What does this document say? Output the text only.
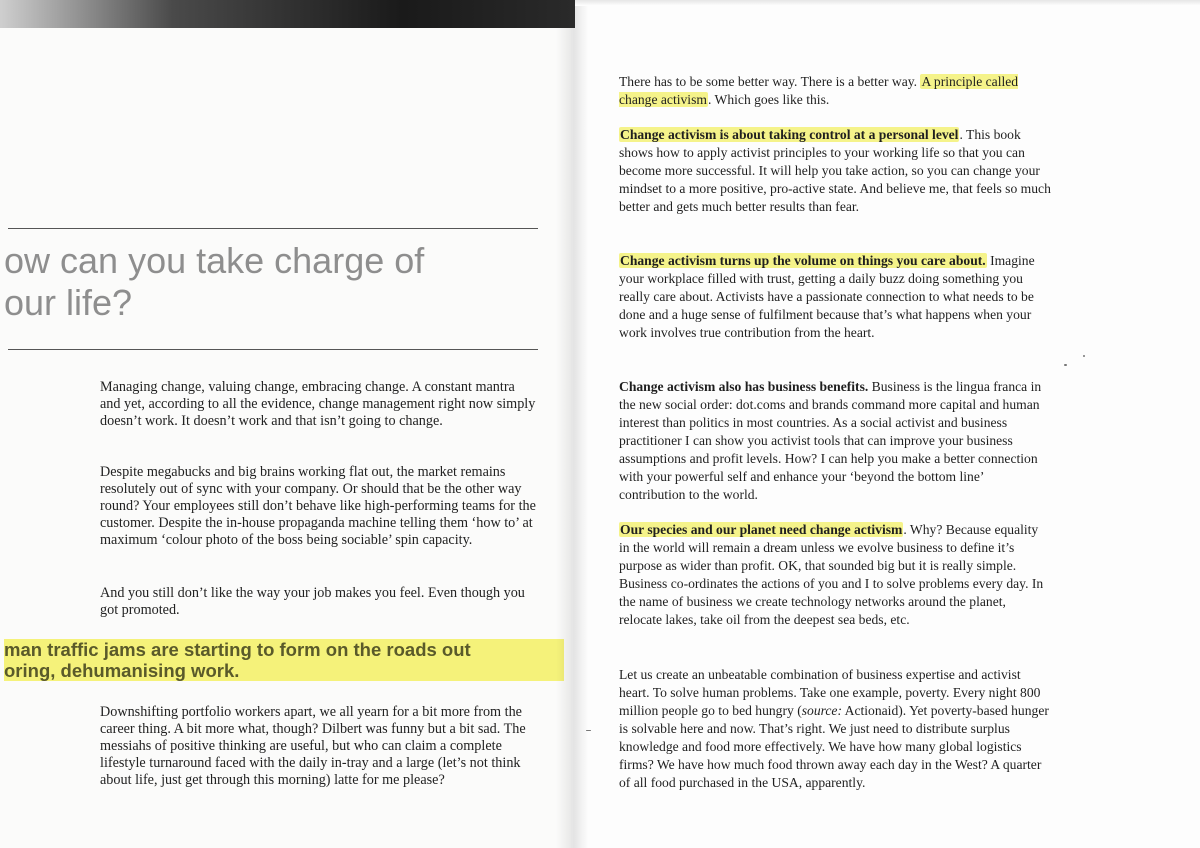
ow can you take charge of
our life?

Managing change, valuing change, embracing change. A constant mantra and yet, according to all the evidence, change management right now simply doesn’t work. It doesn’t work and that isn’t going to change.

Despite megabucks and big brains working flat out, the market remains resolutely out of sync with your company. Or should that be the other way round? Your employees still don’t behave like high-performing teams for the customer. Despite the in-house propaganda machine telling them ‘how to’ at maximum ‘colour photo of the boss being sociable’ spin capacity.

And you still don’t like the way your job makes you feel. Even though you got promoted.

man traffic jams are starting to form on the roads out
oring, dehumanising work.

Downshifting portfolio workers apart, we all yearn for a bit more from the career thing. A bit more what, though? Dilbert was funny but a bit sad. The messiahs of positive thinking are useful, but who can claim a complete lifestyle turnaround faced with the daily in-tray and a large (let’s not think about life, just get through this morning) latte for me please?

There has to be some better way. There is a better way. A principle called change activism. Which goes like this.

Change activism is about taking control at a personal level. This book shows how to apply activist principles to your working life so that you can become more successful. It will help you take action, so you can change your mindset to a more positive, pro-active state. And believe me, that feels so much better and gets much better results than fear.

Change activism turns up the volume on things you care about. Imagine your workplace filled with trust, getting a daily buzz doing something you really care about. Activists have a passionate connection to what needs to be done and a huge sense of fulfilment because that’s what happens when your work involves true contribution from the heart.

Change activism also has business benefits. Business is the lingua franca in the new social order: dot.coms and brands command more capital and human interest than politics in most countries. As a social activist and business practitioner I can show you activist tools that can improve your business assumptions and profit levels. How? I can help you make a better connection with your powerful self and enhance your ‘beyond the bottom line’ contribution to the world.

Our species and our planet need change activism. Why? Because equality in the world will remain a dream unless we evolve business to define it’s purpose as wider than profit. OK, that sounded big but it is really simple. Business co-ordinates the actions of you and I to solve problems every day. In the name of business we create technology networks around the planet, relocate lakes, take oil from the deepest sea beds, etc.

Let us create an unbeatable combination of business expertise and activist heart. To solve human problems. Take one example, poverty. Every night 800 million people go to bed hungry (source: Actionaid). Yet poverty-based hunger is solvable here and now. That’s right. We just need to distribute surplus knowledge and food more effectively. We have how many global logistics firms? We have how much food thrown away each day in the West? A quarter of all food purchased in the USA, apparently.
